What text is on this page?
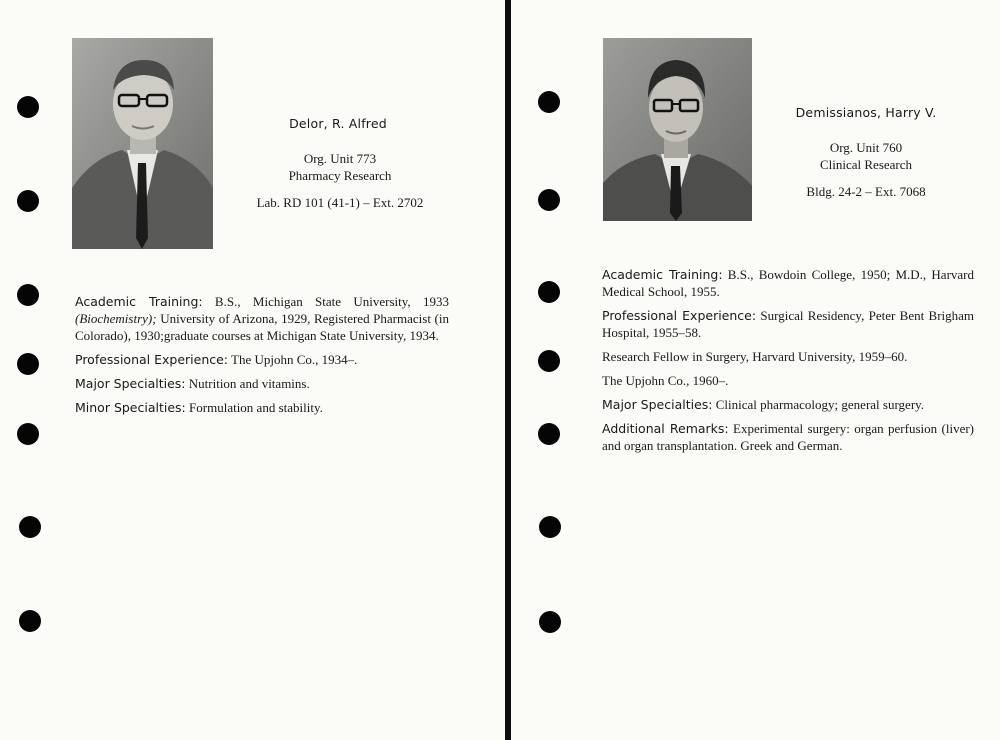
Delor, R. Alfred
Org. Unit 773
Pharmacy Research
Lab. RD 101 (41-1) – Ext. 2702

Academic Training: B.S., Michigan State University, 1933 (Biochemistry); University of Arizona, 1929, Registered Pharmacist (in Colorado), 1930;graduate courses at Michigan State University, 1934.

Professional Experience: The Upjohn Co., 1934–.

Major Specialties: Nutrition and vitamins.

Minor Specialties: Formulation and stability.

Demissianos, Harry V.
Org. Unit 760
Clinical Research
Bldg. 24-2 – Ext. 7068

Academic Training: B.S., Bowdoin College, 1950; M.D., Harvard Medical School, 1955.

Professional Experience: Surgical Residency, Peter Bent Brigham Hospital, 1955–58.

Research Fellow in Surgery, Harvard University, 1959–60.

The Upjohn Co., 1960–.

Major Specialties: Clinical pharmacology; general surgery.

Additional Remarks: Experimental surgery: organ perfusion (liver) and organ transplantation. Greek and German.
